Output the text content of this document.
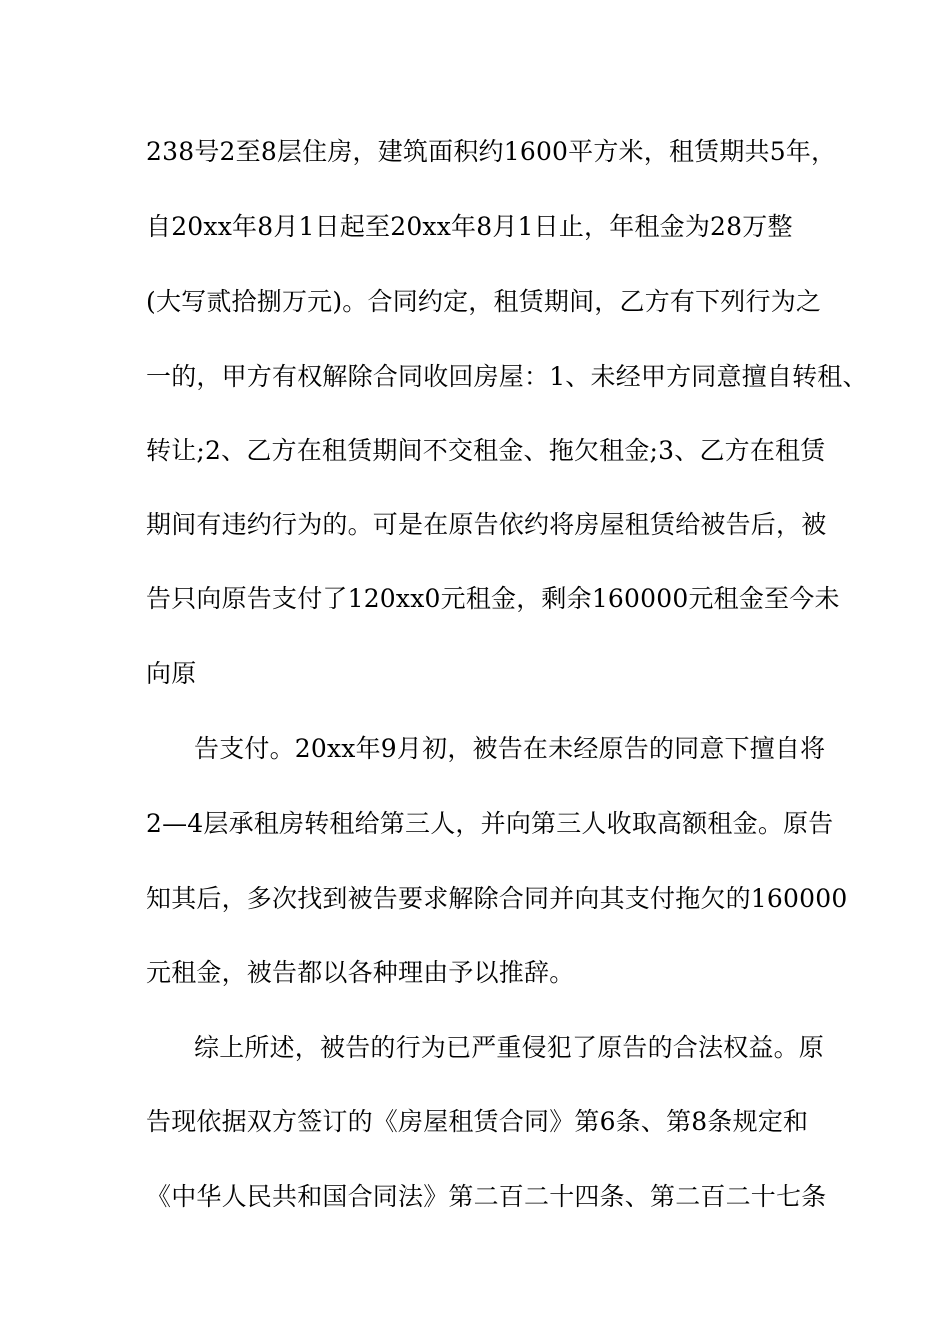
238号2至8层住房，建筑面积约1600平方米，租赁期共5年，
自20xx年8月1日起至20xx年8月1日止，年租金为28万整
(大写贰拾捌万元)。合同约定，租赁期间，乙方有下列行为之
一的，甲方有权解除合同收回房屋：1、未经甲方同意擅自转租、
转让;2、乙方在租赁期间不交租金、拖欠租金;3、乙方在租赁
期间有违约行为的。可是在原告依约将房屋租赁给被告后，被
告只向原告支付了120xx0元租金，剩余160000元租金至今未
向原
告支付。20xx年9月初，被告在未经原告的同意下擅自将
2—4层承租房转租给第三人，并向第三人收取高额租金。原告
知其后，多次找到被告要求解除合同并向其支付拖欠的160000
元租金，被告都以各种理由予以推辞。
综上所述，被告的行为已严重侵犯了原告的合法权益。原
告现依据双方签订的《房屋租赁合同》第6条、第8条规定和
《中华人民共和国合同法》第二百二十四条、第二百二十七条
